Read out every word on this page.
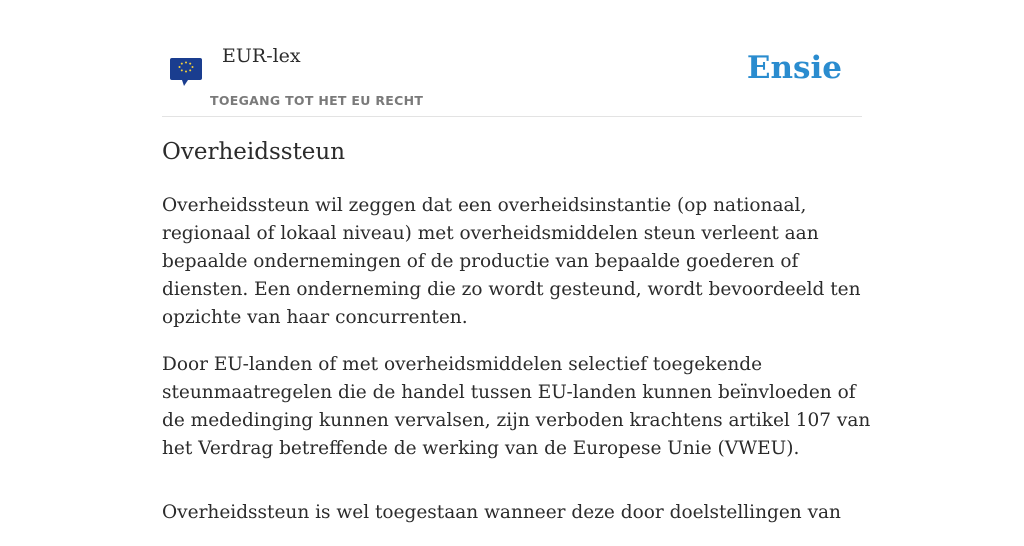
EUR-lex
TOEGANG TOT HET EU RECHT
Ensie
Overheidssteun

Overheidssteun wil zeggen dat een overheidsinstantie (op nationaal, regionaal of lokaal niveau) met overheidsmiddelen steun verleent aan bepaalde ondernemingen of de productie van bepaalde goederen of diensten. Een onderneming die zo wordt gesteund, wordt bevoordeeld ten opzichte van haar concurrenten.

Door EU-landen of met overheidsmiddelen selectief toegekende steunmaatregelen die de handel tussen EU-landen kunnen beïnvloeden of de mededinging kunnen vervalsen, zijn verboden krachtens artikel 107 van het Verdrag betreffende de werking van de Europese Unie (VWEU).

Overheidssteun is wel toegestaan wanneer deze door doelstellingen van
